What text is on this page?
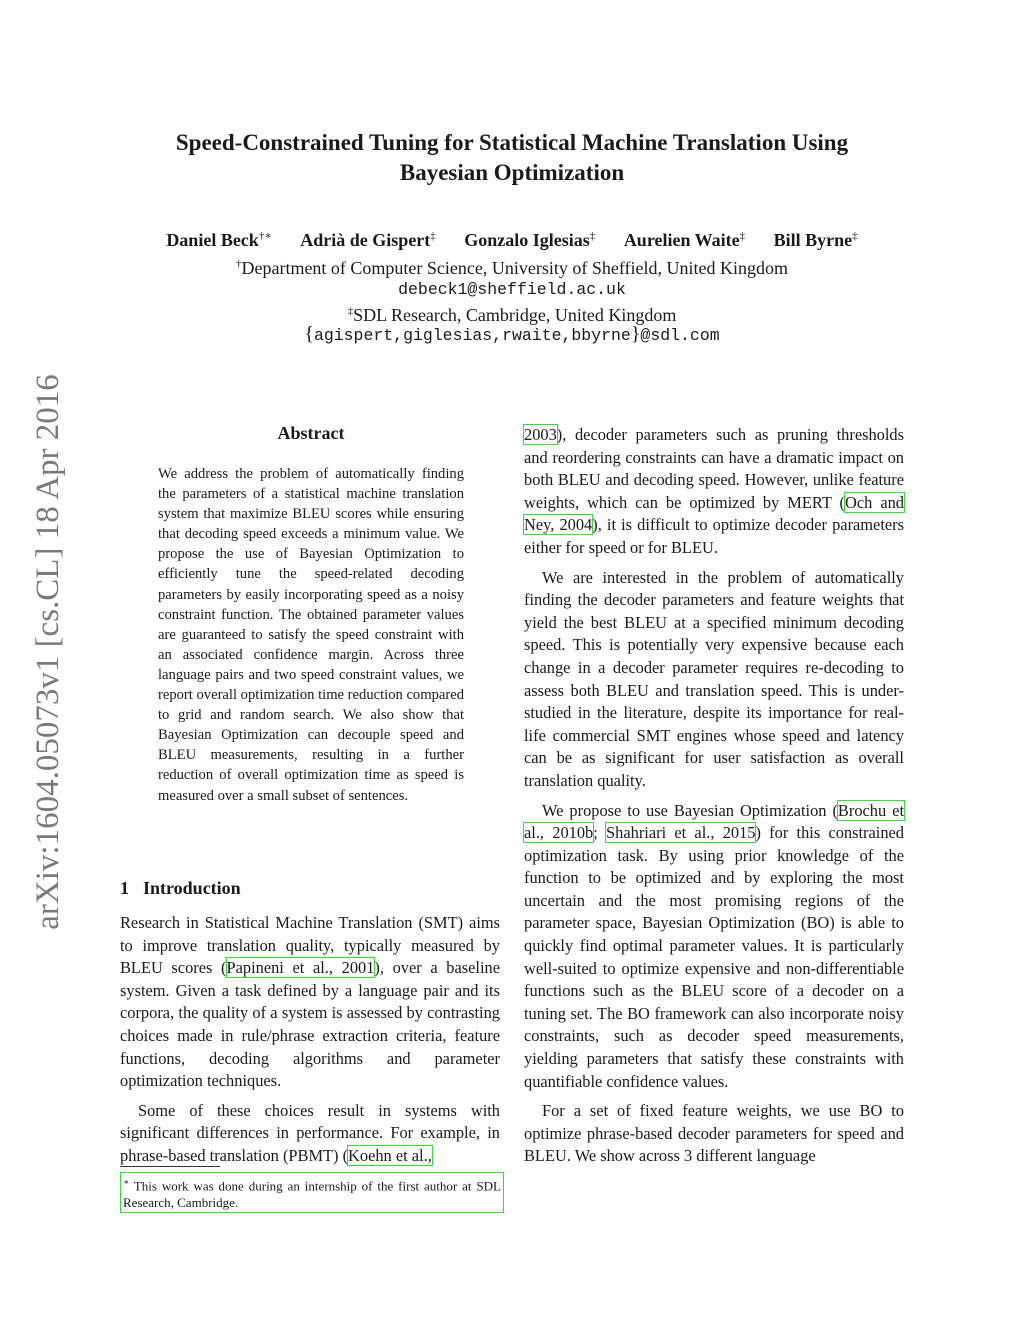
Speed-Constrained Tuning for Statistical Machine Translation Using
Bayesian Optimization
Daniel Beck†∗ Adrià de Gispert‡ Gonzalo Iglesias‡ Aurelien Waite‡ Bill Byrne‡
†Department of Computer Science, University of Sheffield, United Kingdom
debeck1@sheffield.ac.uk
‡SDL Research, Cambridge, United Kingdom
{agispert,giglesias,rwaite,bbyrne}@sdl.com
arXiv:1604.05073v1 [cs.CL] 18 Apr 2016	Abstract
We address the problem of automatically finding the parameters of a statistical machine translation system that maximize BLEU scores while ensuring that decoding speed exceeds a minimum value. We propose the use of Bayesian Optimization to efficiently tune the speed-related decoding parameters by easily incorporating speed as a noisy constraint function. The obtained parameter values are guaranteed to satisfy the speed constraint with an associated confidence margin. Across three language pairs and two speed constraint values, we report overall optimization time reduction compared to grid and random search. We also show that Bayesian Optimization can decouple speed and BLEU measurements, resulting in a further reduction of overall optimization time as speed is measured over a small subset of sentences.
1 Introduction

Research in Statistical Machine Translation (SMT) aims to improve translation quality, typically measured by BLEU scores (Papineni et al., 2001), over a baseline system. Given a task defined by a language pair and its corpora, the quality of a system is assessed by contrasting choices made in rule/phrase extraction criteria, feature functions, decoding algorithms and parameter optimization techniques.

Some of these choices result in systems with significant differences in performance. For example, in phrase-based translation (PBMT) (Koehn et al.,

∗ This work was done during an internship of the first author at SDL Research, Cambridge.

2003), decoder parameters such as pruning thresholds and reordering constraints can have a dramatic impact on both BLEU and decoding speed. However, unlike feature weights, which can be optimized by MERT (Och and Ney, 2004), it is difficult to optimize decoder parameters either for speed or for BLEU.

We are interested in the problem of automatically finding the decoder parameters and feature weights that yield the best BLEU at a specified minimum decoding speed. This is potentially very expensive because each change in a decoder parameter requires re-decoding to assess both BLEU and translation speed. This is under-studied in the literature, despite its importance for real-life commercial SMT engines whose speed and latency can be as significant for user satisfaction as overall translation quality.

We propose to use Bayesian Optimization (Brochu et al., 2010b; Shahriari et al., 2015) for this constrained optimization task. By using prior knowledge of the function to be optimized and by exploring the most uncertain and the most promising regions of the parameter space, Bayesian Optimization (BO) is able to quickly find optimal parameter values. It is particularly well-suited to optimize expensive and non-differentiable functions such as the BLEU score of a decoder on a tuning set. The BO framework can also incorporate noisy constraints, such as decoder speed measurements, yielding parameters that satisfy these constraints with quantifiable confidence values.

For a set of fixed feature weights, we use BO to optimize phrase-based decoder parameters for speed and BLEU. We show across 3 different language
